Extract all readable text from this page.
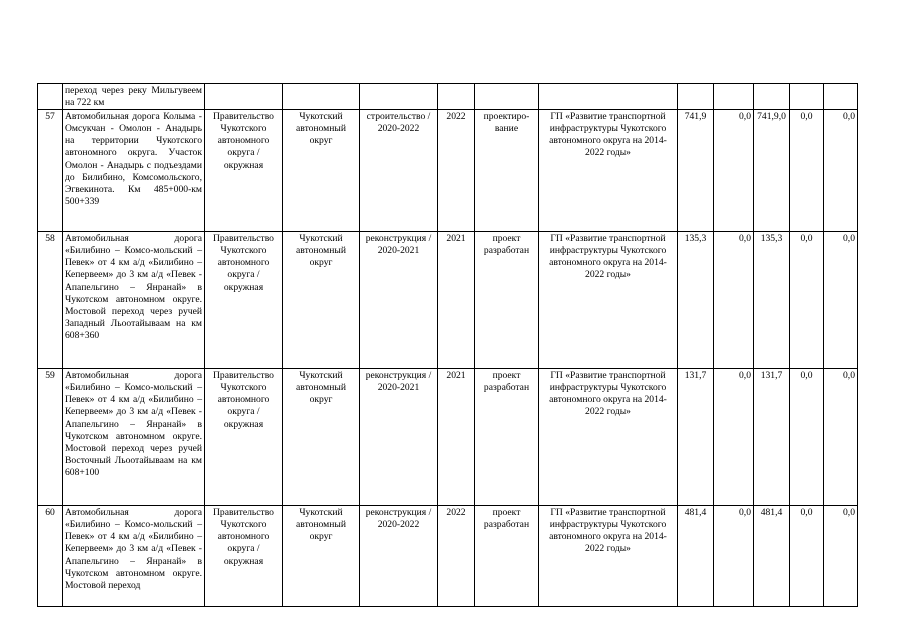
	переход через реку Мильгувеем на 722 км											
57	Автомобильная дорога Колыма - Омсукчан - Омолон - Анадырь на территории Чукотского автономного округа. Участок Омолон - Анадырь с подъездами до Билибино, Комсомольского, Эгвекинота. Км 485+000-км 500+339	Правительство Чукотского автономного округа / окружная	Чукотский автономный округ	строительство / 2020-2022	2022	проектиро-вание	ГП «Развитие транспортной инфраструктуры Чукотского автономного округа на 2014-2022 годы»	741,9	0,0	741,9,0	0,0	0,0
58	Автомобильная дорога «Билибино – Комсо-мольский – Певек» от 4 км а/д «Билибино – Кепервеем» до 3 км а/д «Певек - Апапельгино – Янранай» в Чукотском автономном округе. Мостовой переход через ручей Западный Льоотайываам на км 608+360	Правительство Чукотского автономного округа / окружная	Чукотский автономный округ	реконструкция / 2020-2021	2021	проект разработан	ГП «Развитие транспортной инфраструктуры Чукотского автономного округа на 2014-2022 годы»	135,3	0,0	135,3	0,0	0,0
59	Автомобильная дорога «Билибино – Комсо-мольский – Певек» от 4 км а/д «Билибино – Кепервеем» до 3 км а/д «Певек - Апапельгино – Янранай» в Чукотском автономном округе. Мостовой переход через ручей Восточный Льоотайываам на км 608+100	Правительство Чукотского автономного округа / окружная	Чукотский автономный округ	реконструкция / 2020-2021	2021	проект разработан	ГП «Развитие транспортной инфраструктуры Чукотского автономного округа на 2014-2022 годы»	131,7	0,0	131,7	0,0	0,0
60	Автомобильная дорога «Билибино – Комсо-мольский – Певек» от 4 км а/д «Билибино – Кепервеем» до 3 км а/д «Певек - Апапельгино – Янранай» в Чукотском автономном округе. Мостовой переход	Правительство Чукотского автономного округа / окружная	Чукотский автономный округ	реконструкция / 2020-2022	2022	проект разработан	ГП «Развитие транспортной инфраструктуры Чукотского автономного округа на 2014-2022 годы»	481,4	0,0	481,4	0,0	0,0
